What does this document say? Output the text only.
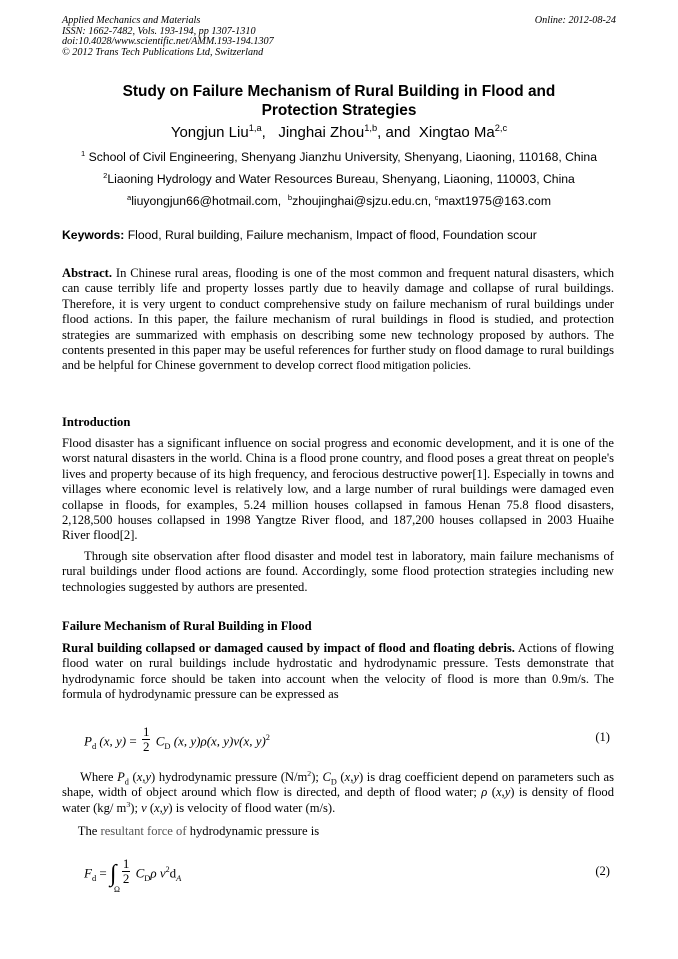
Applied Mechanics and Materials
ISSN: 1662-7482, Vols. 193-194, pp 1307-1310
doi:10.4028/www.scientific.net/AMM.193-194.1307
© 2012 Trans Tech Publications Ltd, Switzerland
Online: 2012-08-24
Study on Failure Mechanism of Rural Building in Flood and
Protection Strategies
Yongjun Liu$^{1,a}$, Jinghai Zhou$^{1,b}$, and Xingtao Ma$^{2,c}$
$^1$ School of Civil Engineering, Shenyang Jianzhu University, Shenyang, Liaoning, 110168, China
$^2$Liaoning Hydrology and Water Resources Bureau, Shenyang, Liaoning, 110003, China
$^a$liuyongjun66@hotmail.com, $^b$zhoujinghai@sjzu.edu.cn, $^c$maxt1975@163.com
Keywords: Flood, Rural building, Failure mechanism, Impact of flood, Foundation scour
Abstract. In Chinese rural areas, flooding is one of the most common and frequent natural disasters, which can cause terribly life and property losses partly due to heavily damage and collapse of rural buildings. Therefore, it is very urgent to conduct comprehensive study on failure mechanism of rural buildings under flood actions. In this paper, the failure mechanism of rural buildings in flood is studied, and protection strategies are summarized with emphasis on describing some new technology proposed by authors. The contents presented in this paper may be useful references for further study on flood damage to rural buildings and be helpful for Chinese government to develop correct flood mitigation policies.
Introduction
Flood disaster has a significant influence on social progress and economic development, and it is one of the worst natural disasters in the world. China is a flood prone country, and flood poses a great threat on people's lives and property because of its high frequency, and ferocious destructive power[1]. Especially in towns and villages where economic level is relatively low, and a large number of rural buildings were damaged even collapse in floods, for examples, 5.24 million houses collapsed in famous Henan 75.8 flood disasters, 2,128,500 houses collapsed in 1998 Yangtze River flood, and 187,200 houses collapsed in 2003 Huaihe River flood[2].
Through site observation after flood disaster and model test in laboratory, main failure mechanisms of rural buildings under flood actions are found. Accordingly, some flood protection strategies including new technologies suggested by authors are presented.
Failure Mechanism of Rural Building in Flood
Rural building collapsed or damaged caused by impact of flood and floating debris. Actions of flowing flood water on rural buildings include hydrostatic and hydrodynamic pressure. Tests demonstrate that hydrodynamic force should be taken into account when the velocity of flood is more than 0.9m/s. The formula of hydrodynamic pressure can be expressed as
$P_d$ (x, $y) = \frac{1}{2} C_D$ (x, y)ρ(x, y)v(x, y)$^2$	(1)
Where $P_d$ (x,y) hydrodynamic pressure $(N/m^2)$; $C_D$ (x,y) is drag coefficient depend on parameters such as shape, width of object around which flow is directed, and depth of flood water; ρ (x,y) is density of flood water (kg/ $m^3$); v (x,y) is velocity of flood water (m/s).
The resultant force of hydrodynamic pressure is
$F_d$ = ∫
Ω

$\frac{1}{2} C_D\rho$ $v^2d_A$
(2)
